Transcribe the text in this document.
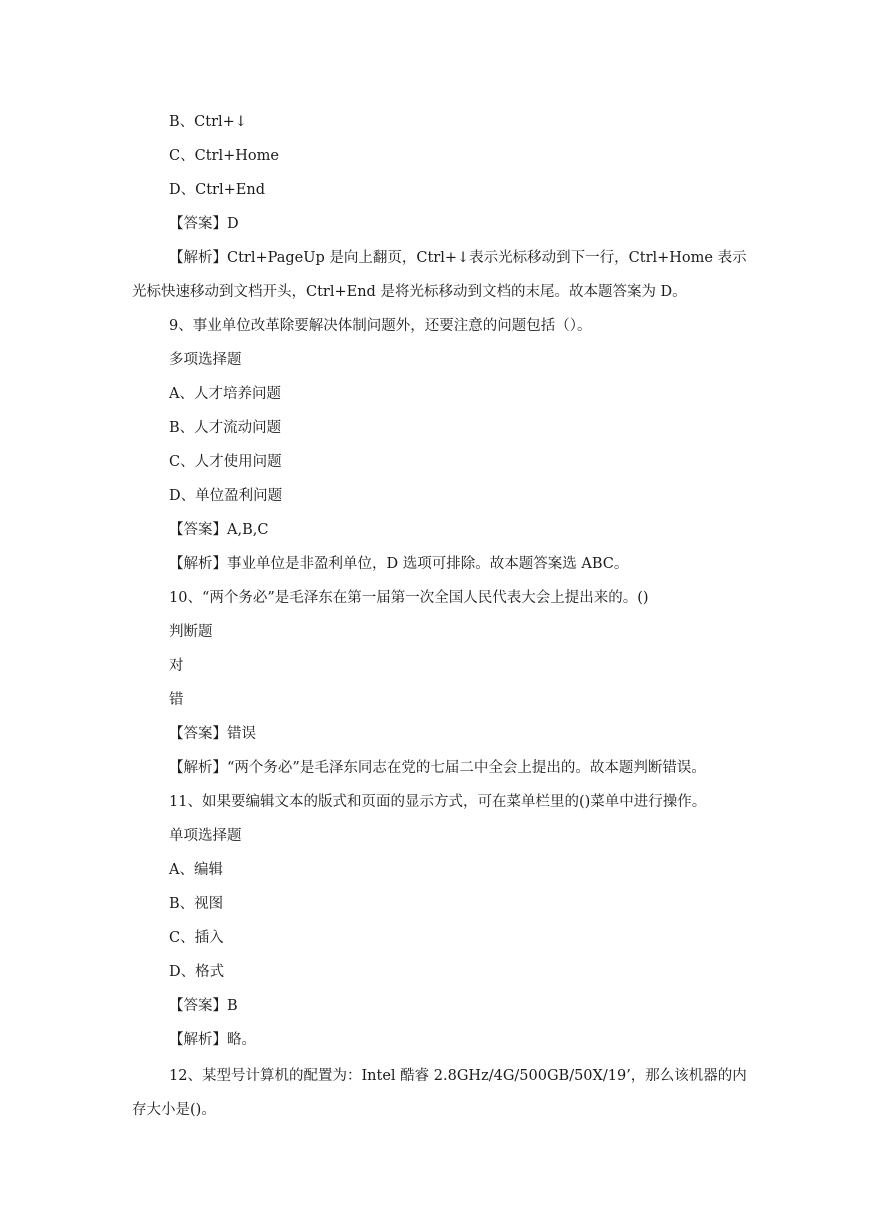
B、Ctrl+↓
C、Ctrl+Home
D、Ctrl+End
【答案】D
【解析】Ctrl+PageUp 是向上翻页，Ctrl+↓表示光标移动到下一行，Ctrl+Home 表示
光标快速移动到文档开头，Ctrl+End 是将光标移动到文档的末尾。故本题答案为 D。
9、事业单位改革除要解决体制问题外，还要注意的问题包括（）。
多项选择题
A、人才培养问题
B、人才流动问题
C、人才使用问题
D、单位盈利问题
【答案】A,B,C
【解析】事业单位是非盈利单位，D 选项可排除。故本题答案选 ABC。
10、“两个务必”是毛泽东在第一届第一次全国人民代表大会上提出来的。()
判断题
对
错
【答案】错误
【解析】“两个务必”是毛泽东同志在党的七届二中全会上提出的。故本题判断错误。
11、如果要编辑文本的版式和页面的显示方式，可在菜单栏里的()菜单中进行操作。
单项选择题
A、编辑
B、视图
C、插入
D、格式
【答案】B
【解析】略。
12、某型号计算机的配置为：Intel 酷睿 2.8GHz/4G/500GB/50X/19’，那么该机器的内
存大小是()。
